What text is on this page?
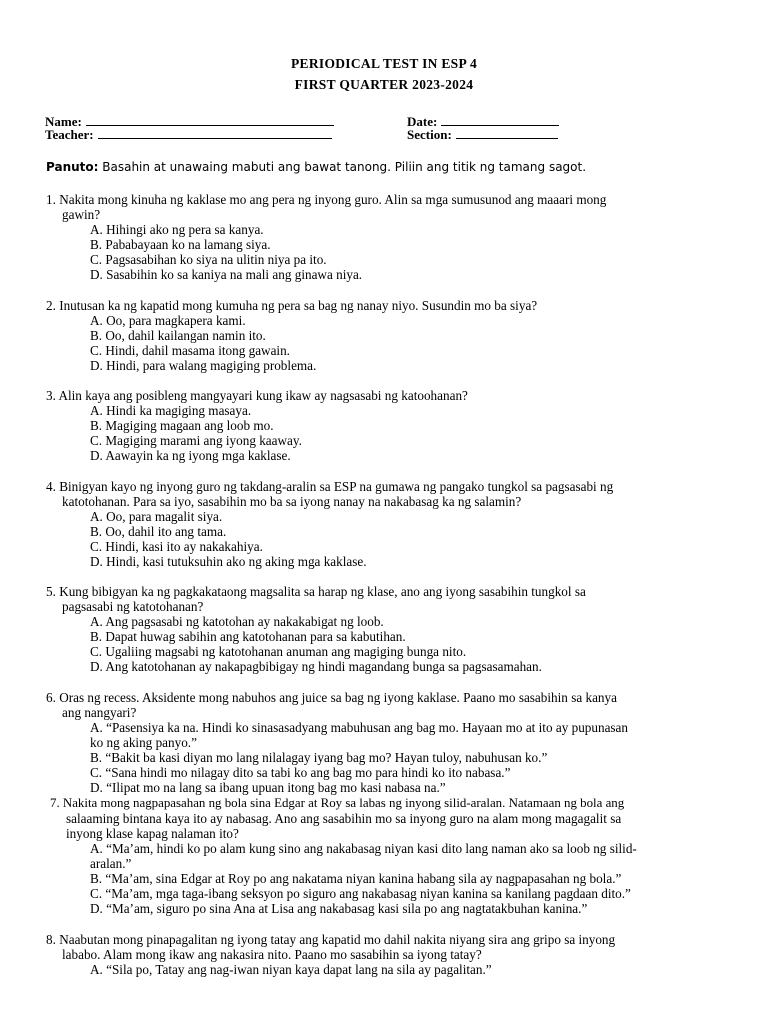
PERIODICAL TEST IN ESP 4
FIRST QUARTER 2023-2024
Name:
Teacher:
Date:
Section:
Panuto: Basahin at unawaing mabuti ang bawat tanong. Piliin ang titik ng tamang sagot.
1. Nakita mong kinuha ng kaklase mo ang pera ng inyong guro. Alin sa mga sumusunod ang maaari mong
gawin?
A. Hihingi ako ng pera sa kanya.
B. Pababayaan ko na lamang siya.
C. Pagsasabihan ko siya na ulitin niya pa ito.
D. Sasabihin ko sa kaniya na mali ang ginawa niya.
2. Inutusan ka ng kapatid mong kumuha ng pera sa bag ng nanay niyo. Susundin mo ba siya?
A. Oo, para magkapera kami.
B. Oo, dahil kailangan namin ito.
C. Hindi, dahil masama itong gawain.
D. Hindi, para walang magiging problema.
3. Alin kaya ang posibleng mangyayari kung ikaw ay nagsasabi ng katoohanan?
A. Hindi ka magiging masaya.
B. Magiging magaan ang loob mo.
C. Magiging marami ang iyong kaaway.
D. Aawayin ka ng iyong mga kaklase.
4. Binigyan kayo ng inyong guro ng takdang-aralin sa ESP na gumawa ng pangako tungkol sa pagsasabi ng
katotohanan. Para sa iyo, sasabihin mo ba sa iyong nanay na nakabasag ka ng salamin?
A. Oo, para magalit siya.
B. Oo, dahil ito ang tama.
C. Hindi, kasi ito ay nakakahiya.
D. Hindi, kasi tutuksuhin ako ng aking mga kaklase.
5. Kung bibigyan ka ng pagkakataong magsalita sa harap ng klase, ano ang iyong sasabihin tungkol sa
pagsasabi ng katotohanan?
A. Ang pagsasabi ng katotohan ay nakakabigat ng loob.
B. Dapat huwag sabihin ang katotohanan para sa kabutihan.
C. Ugaliing magsabi ng katotohanan anuman ang magiging bunga nito.
D. Ang katotohanan ay nakapagbibigay ng hindi magandang bunga sa pagsasamahan.
6. Oras ng recess. Aksidente mong nabuhos ang juice sa bag ng iyong kaklase. Paano mo sasabihin sa kanya
ang nangyari?
A. “Pasensiya ka na. Hindi ko sinasasadyang mabuhusan ang bag mo. Hayaan mo at ito ay pupunasan
ko ng aking panyo.”
B. “Bakit ba kasi diyan mo lang nilalagay iyang bag mo? Hayan tuloy, nabuhusan ko.”
C. “Sana hindi mo nilagay dito sa tabi ko ang bag mo para hindi ko ito nabasa.”
D. “Ilipat mo na lang sa ibang upuan itong bag mo kasi nabasa na.”
7. Nakita mong nagpapasahan ng bola sina Edgar at Roy sa labas ng inyong silid-aralan. Natamaan ng bola ang
salaaming bintana kaya ito ay nabasag. Ano ang sasabihin mo sa inyong guro na alam mong magagalit sa
inyong klase kapag nalaman ito?
A. “Ma’am, hindi ko po alam kung sino ang nakabasag niyan kasi dito lang naman ako sa loob ng silid-
aralan.”
B. “Ma’am, sina Edgar at Roy po ang nakatama niyan kanina habang sila ay nagpapasahan ng bola.”
C. “Ma’am, mga taga-ibang seksyon po siguro ang nakabasag niyan kanina sa kanilang pagdaan dito.”
D. “Ma’am, siguro po sina Ana at Lisa ang nakabasag kasi sila po ang nagtatakbuhan kanina.”
8. Naabutan mong pinapagalitan ng iyong tatay ang kapatid mo dahil nakita niyang sira ang gripo sa inyong
lababo. Alam mong ikaw ang nakasira nito. Paano mo sasabihin sa iyong tatay?
A. “Sila po, Tatay ang nag-iwan niyan kaya dapat lang na sila ay pagalitan.”
